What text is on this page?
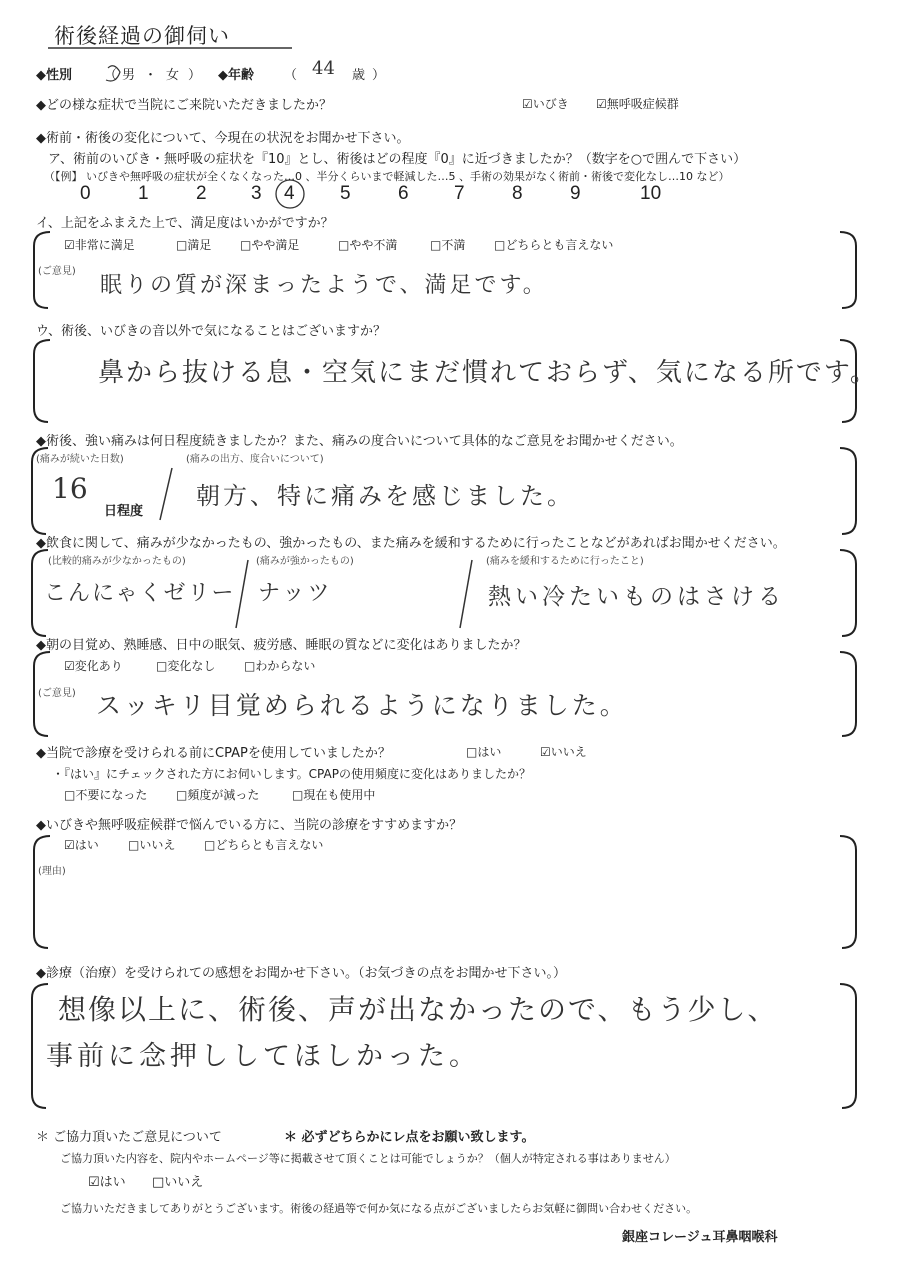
術後経過の御伺い
◆性別 （ 男 ・ 女 ） ◆年齢 （ 44 歳 ）
◆どの様な症状で当院にご来院いただきましたか？	☑いびき ☑無呼吸症候群
◆術前・術後の変化について、今現在の状況をお聞かせ下さい。
ア、術前のいびき・無呼吸の症状を『10』とし、術後はどの程度『0』に近づきましたか？（数字を○で囲んで下さい）
（【例】 いびきや無呼吸の症状が全くなくなった…0 、半分くらいまで軽減した…5 、手術の効果がなく術前・術後で変化なし…10 など）
0 1 2 3 4 5 6 7 8 9	10
イ、上記をふまえた上で、満足度はいかがですか？
☑非常に満足	□満足 □やや満足	□やや不満	□不満 □どちらとも言えない
(ご意見)
眠りの質が深まったようで、満足です。
ウ、術後、いびきの音以外で気になることはございますか？
鼻から抜ける息・空気にまだ慣れておらず、気になる所です。
◆術後、強い痛みは何日程度続きましたか？また、痛みの度合いについて具体的なご意見をお聞かせください。
(痛みが続いた日数)
16
日程度
(痛みの出方、度合いについて)
朝方、特に痛みを感じました。
◆飲食に関して、痛みが少なかったもの、強かったもの、また痛みを緩和するために行ったことなどがあればお聞かせください。
(比較的痛みが少なかったもの)
こんにゃくゼリー
(痛みが強かったもの)
ナッツ
(痛みを緩和するために行ったこと)
熱い冷たいものはさける
◆朝の目覚め、熟睡感、日中の眠気、疲労感、睡眠の質などに変化はありましたか？
☑変化あり	□変化なし □わからない
(ご意見) スッキリ目覚められるようになりました。
◆当院で診療を受けられる前にCPAPを使用していましたか？	□はい	☑いいえ
・『はい』にチェックされた方にお伺いします。CPAPの使用頻度に変化はありましたか？
□不要になった □頻度が減った	□現在も使用中
◆いびきや無呼吸症候群で悩んでいる方に、当院の診療をすすめますか？
☑はい □いいえ □どちらとも言えない
(理由)
◆診療（治療）を受けられての感想をお聞かせ下さい。（お気づきの点をお聞かせ下さい。）
想像以上に、術後、声が出なかったので、もう少し、
事前に念押ししてほしかった。
＊ ご協力頂いたご意見について	＊ 必ずどちらかにレ点をお願い致します。
ご協力頂いた内容を、院内やホームページ等に掲載させて頂くことは可能でしょうか？（個人が特定される事はありません）
☑はい □いいえ
ご協力いただきましてありがとうございます。術後の経過等で何か気になる点がございましたらお気軽に御問い合わせください。
銀座コレージュ耳鼻咽喉科
